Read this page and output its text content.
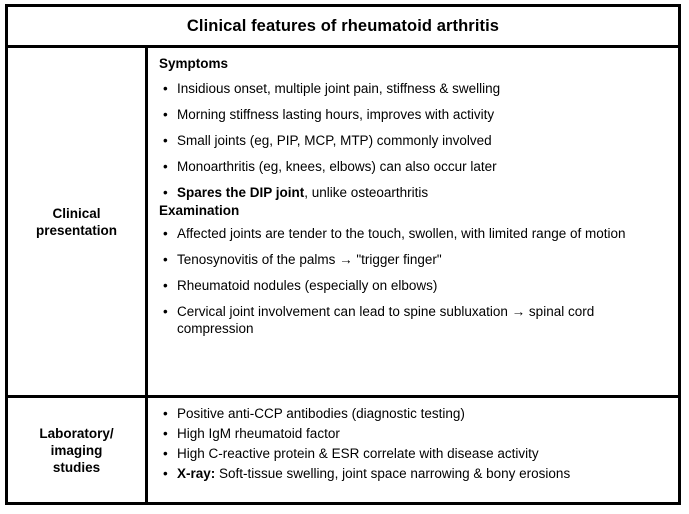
Clinical features of rheumatoid arthritis
Clinical
presentation
Symptoms
• Insidious onset, multiple joint pain, stiffness & swelling
• Morning stiffness lasting hours, improves with activity
• Small joints (eg, PIP, MCP, MTP) commonly involved
• Monoarthritis (eg, knees, elbows) can also occur later
• Spares the DIP joint, unlike osteoarthritis
Examination
• Affected joints are tender to the touch, swollen, with limited range of motion
• Tenosynovitis of the palms → "trigger finger"
• Rheumatoid nodules (especially on elbows)
• Cervical joint involvement can lead to spine subluxation → spinal cord compression
Laboratory/
imaging
studies
• Positive anti-CCP antibodies (diagnostic testing)
• High IgM rheumatoid factor
• High C-reactive protein & ESR correlate with disease activity
• X-ray: Soft-tissue swelling, joint space narrowing & bony erosions
